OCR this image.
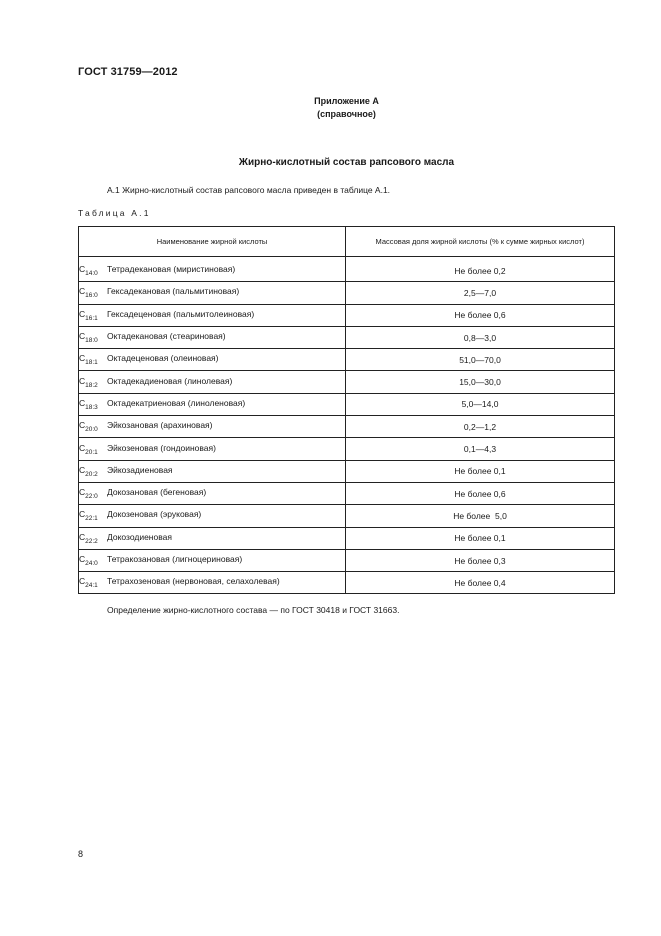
ГОСТ 31759—2012
Приложение А
(справочное)
Жирно-кислотный состав рапсового масла
А.1 Жирно-кислотный состав рапсового масла приведен в таблице А.1.
Таблица А.1
Наименование жирной кислоты	Массовая доля жирной кислоты (% к сумме жирных кислот)
$C_{14:0}$ Тетрадекановая (миристиновая)	Не более 0,2
$C_{16:0}$ Гексадекановая (пальмитиновая)	2,5—7,0
$C_{16:1}$ Гексадеценовая (пальмитолеиновая)	Не более 0,6
$C_{18:0}$ Октадекановая (стеариновая)	0,8—3,0
$C_{18:1}$ Октадеценовая (олеиновая)	51,0—70,0
$C_{18:2}$ Октадекадиеновая (линолевая)	15,0—30,0
$C_{18:3}$ Октадекатриеновая (линоленовая)	5,0—14,0
$C_{20:0}$ Эйкозановая (арахиновая)	0,2—1,2
$C_{20:1}$ Эйкозеновая (гондоиновая)	0,1—4,3
$C_{20:2}$ Эйкозадиеновая	Не более 0,1
$C_{22:0}$ Докозановая (бегеновая)	Не более 0,6
$C_{22:1}$ Докозеновая (эруковая)	Не более  5,0
$C_{22:2}$ Докозодиеновая	Не более 0,1
$C_{24:0}$ Тетракозановая (лигноцериновая)	Не более 0,3
$C_{24:1}$ Тетрахозеновая (нервоновая, селахолевая)	Не более 0,4
Определение жирно-кислотного состава — по ГОСТ 30418 и ГОСТ 31663.
8
